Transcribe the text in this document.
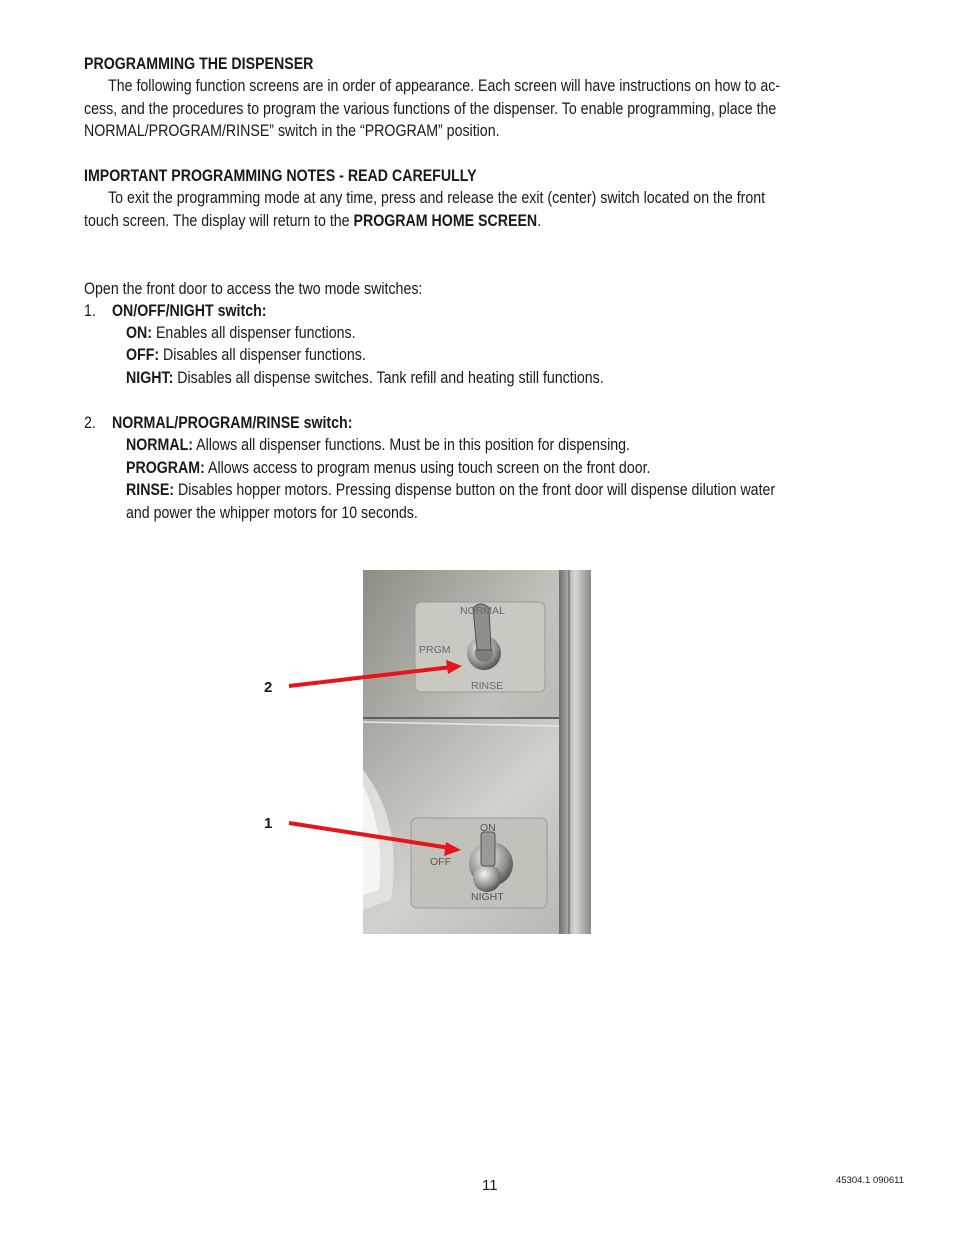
PROGRAMMING THE DISPENSER
The following function screens are in order of appearance. Each screen will have instructions on how to ac-
cess, and the procedures to program the various functions of the dispenser. To enable programming, place the
NORMAL/PROGRAM/RINSE” switch in the “PROGRAM” position.
IMPORTANT PROGRAMMING NOTES - READ CAREFULLY
To exit the programming mode at any time, press and release the exit (center) switch located on the front
touch screen. The display will return to the PROGRAM HOME SCREEN.
Open the front door to access the two mode switches:
1. ON/OFF/NIGHT switch:
ON: Enables all dispenser functions.
OFF: Disables all dispenser functions.
NIGHT: Disables all dispense switches. Tank refill and heating still functions.
2. NORMAL/PROGRAM/RINSE switch:
NORMAL: Allows all dispenser functions. Must be in this position for dispensing.
PROGRAM: Allows access to program menus using touch screen on the front door.
RINSE: Disables hopper motors. Pressing dispense button on the front door will dispense dilution water
and power the whipper motors for 10 seconds.
NORMAL
PRGM
RINSE
ON
OFF
NIGHT
2
1
11	45304.1 090611
